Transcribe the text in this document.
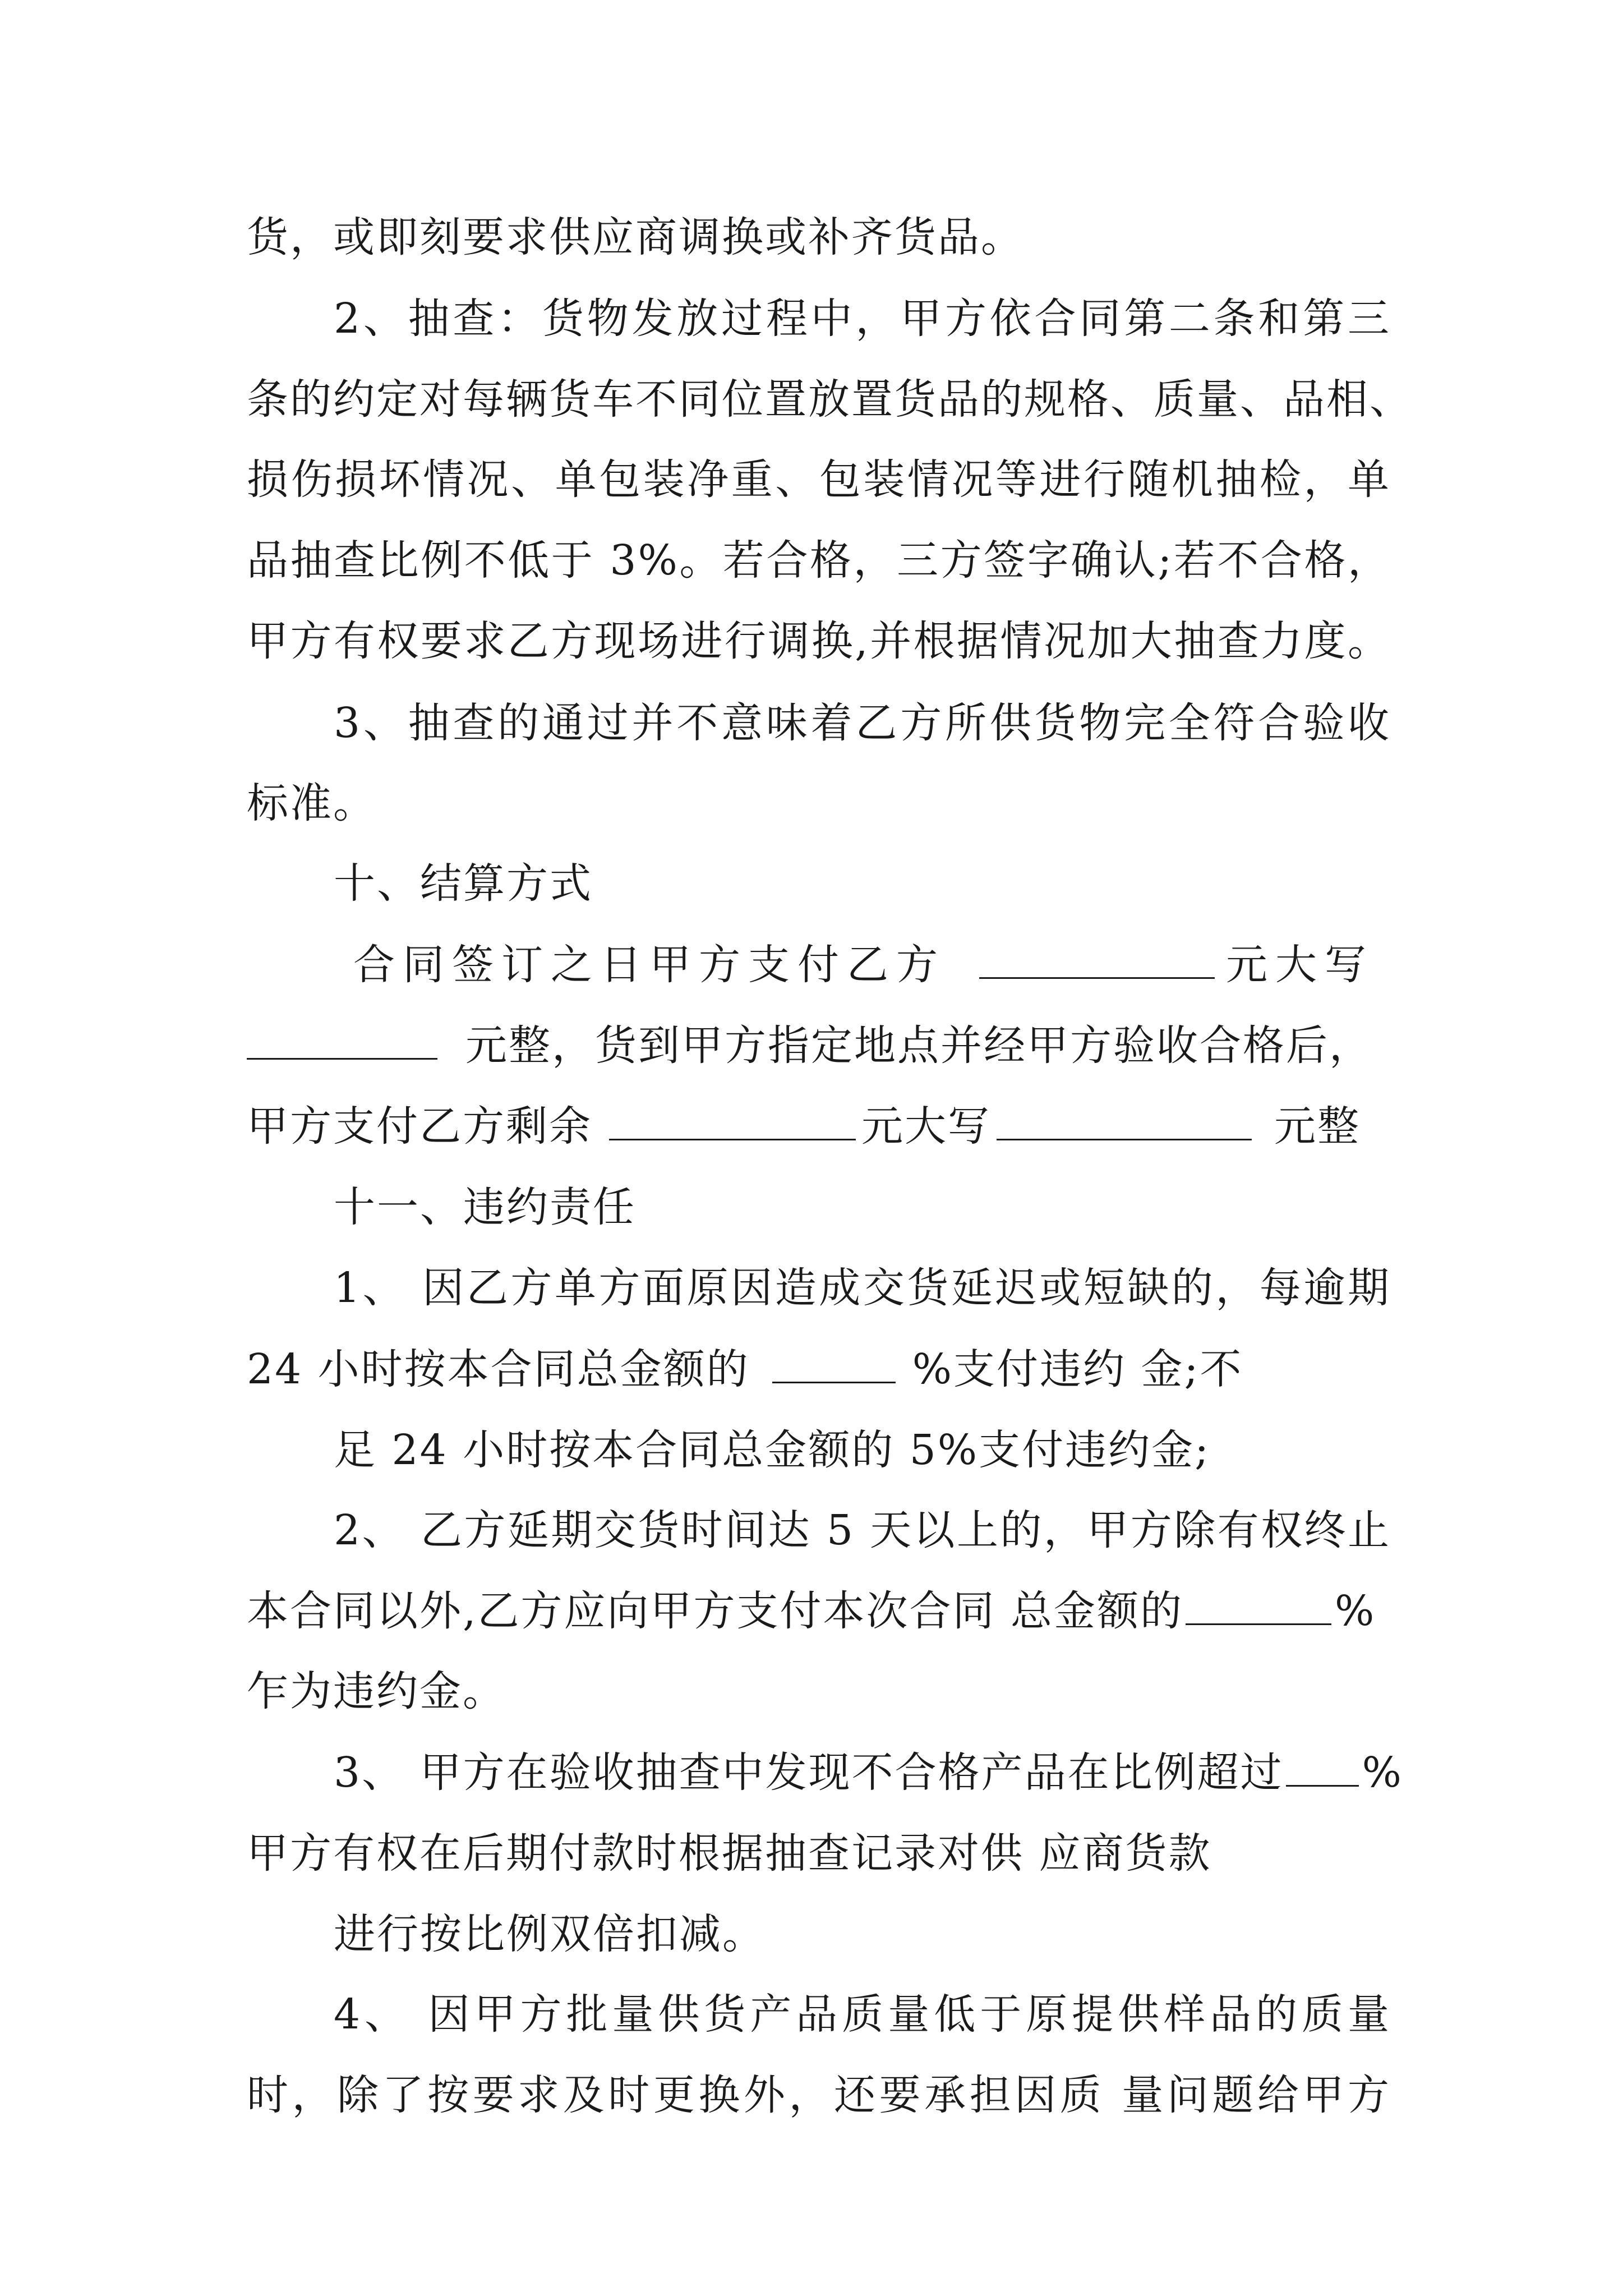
货，或即刻要求供应商调换或补齐货品。
2、抽查：货物发放过程中，甲方依合同第二条和第三
条的约定对每辆货车不同位置放置货品的规格、质量、品相、
损伤损坏情况、单包装净重、包装情况等进行随机抽检，单
品抽查比例不低于 3%。若合格，三方签字确认;若不合格，
甲方有权要求乙方现场进行调换,并根据情况加大抽查力度。
3、抽查的通过并不意味着乙方所供货物完全符合验收
标准。
十、结算方式
合同签订之日甲方支付乙方	元大写
元整，货到甲方指定地点并经甲方验收合格后，
甲方支付乙方剩余	元大写	元整
十一、违约责任
1、 因乙方单方面原因造成交货延迟或短缺的，每逾期
24 小时按本合同总金额的	%支付违约 金;不
足 24 小时按本合同总金额的 5%支付违约金;
2、 乙方延期交货时间达 5 天以上的，甲方除有权终止
本合同以外,乙方应向甲方支付本次合同 总金额的	%
乍为违约金。
3、 甲方在验收抽查中发现不合格产品在比例超过 %
甲方有权在后期付款时根据抽查记录对供 应商货款
进行按比例双倍扣减。
4、 因甲方批量供货产品质量低于原提供样品的质量
时，除了按要求及时更换外，还要承担因质 量问题给甲方
